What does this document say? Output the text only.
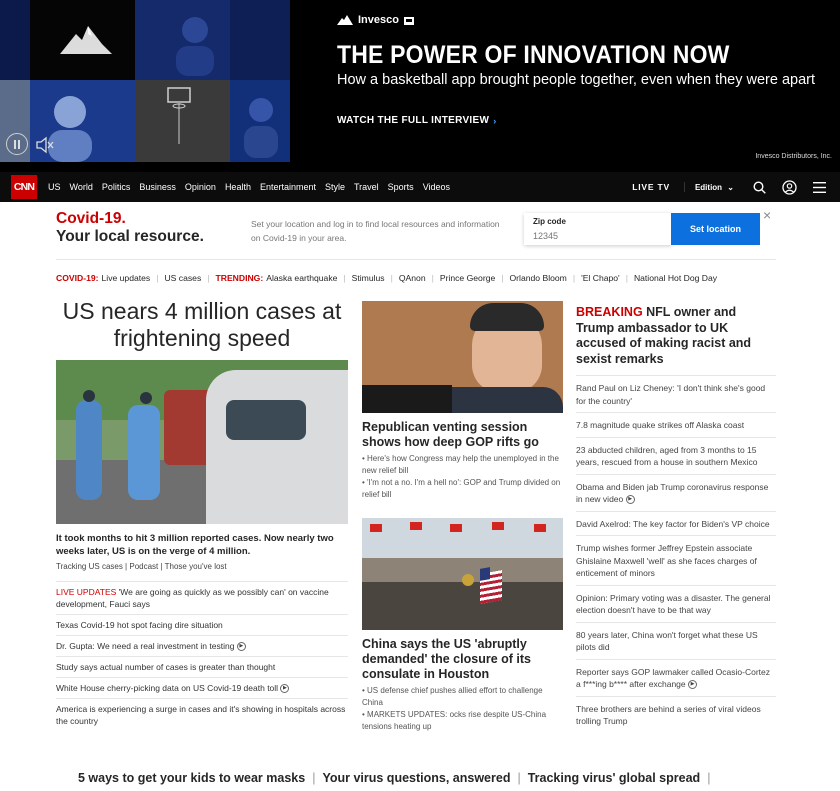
Invesco
THE POWER OF INNOVATION NOW
How a basketball app brought people together, even when they were apart
WATCH THE FULL INTERVIEW ›
Invesco Distributors, Inc.
CNN	US World Politics Business Opinion Health Entertainment Style Travel Sports Videos	LIVE TV	Edition ⌄
Covid-19.
Your local resource.
Set your location and log in to find local resources and information on Covid-19 in your area.
Zip code
12345
Set location
×
COVID-19: Live updates | US cases | TRENDING: Alaska earthquake | Stimulus | QAnon | Prince George | Orlando Bloom | 'El Chapo' | National Hot Dog Day
US nears 4 million cases at frightening speed
It took months to hit 3 million reported cases. Now nearly two weeks later, US is on the verge of 4 million.
Tracking US cases | Podcast | Those you've lost
LIVE UPDATES 'We are going as quickly as we possibly can' on vaccine development, Fauci says
Texas Covid-19 hot spot facing dire situation
Dr. Gupta: We need a real investment in testing ▶
Study says actual number of cases is greater than thought
White House cherry-picking data on US Covid-19 death toll ▶
America is experiencing a surge in cases and it's showing in hospitals across the country
Republican venting session shows how deep GOP rifts go
• Here's how Congress may help the unemployed in the new relief bill
• 'I'm not a no. I'm a hell no': GOP and Trump divided on relief bill
China says the US 'abruptly demanded' the closure of its consulate in Houston
• US defense chief pushes allied effort to challenge China
• MARKETS UPDATES: ocks rise despite US-China tensions heating up
BREAKING NFL owner and Trump ambassador to UK accused of making racist and sexist remarks
Rand Paul on Liz Cheney: 'I don't think she's good for the country'
7.8 magnitude quake strikes off Alaska coast
23 abducted children, aged from 3 months to 15 years, rescued from a house in southern Mexico
Obama and Biden jab Trump coronavirus response in new video ▶
David Axelrod: The key factor for Biden's VP choice
Trump wishes former Jeffrey Epstein associate Ghislaine Maxwell 'well' as she faces charges of enticement of minors
Opinion: Primary voting was a disaster. The general election doesn't have to be that way
80 years later, China won't forget what these US pilots did
Reporter says GOP lawmaker called Ocasio-Cortez a f***ing b**** after exchange ▶
Three brothers are behind a series of viral videos trolling Trump
5 ways to get your kids to wear masks | Your virus questions, answered | Tracking virus' global spread |
